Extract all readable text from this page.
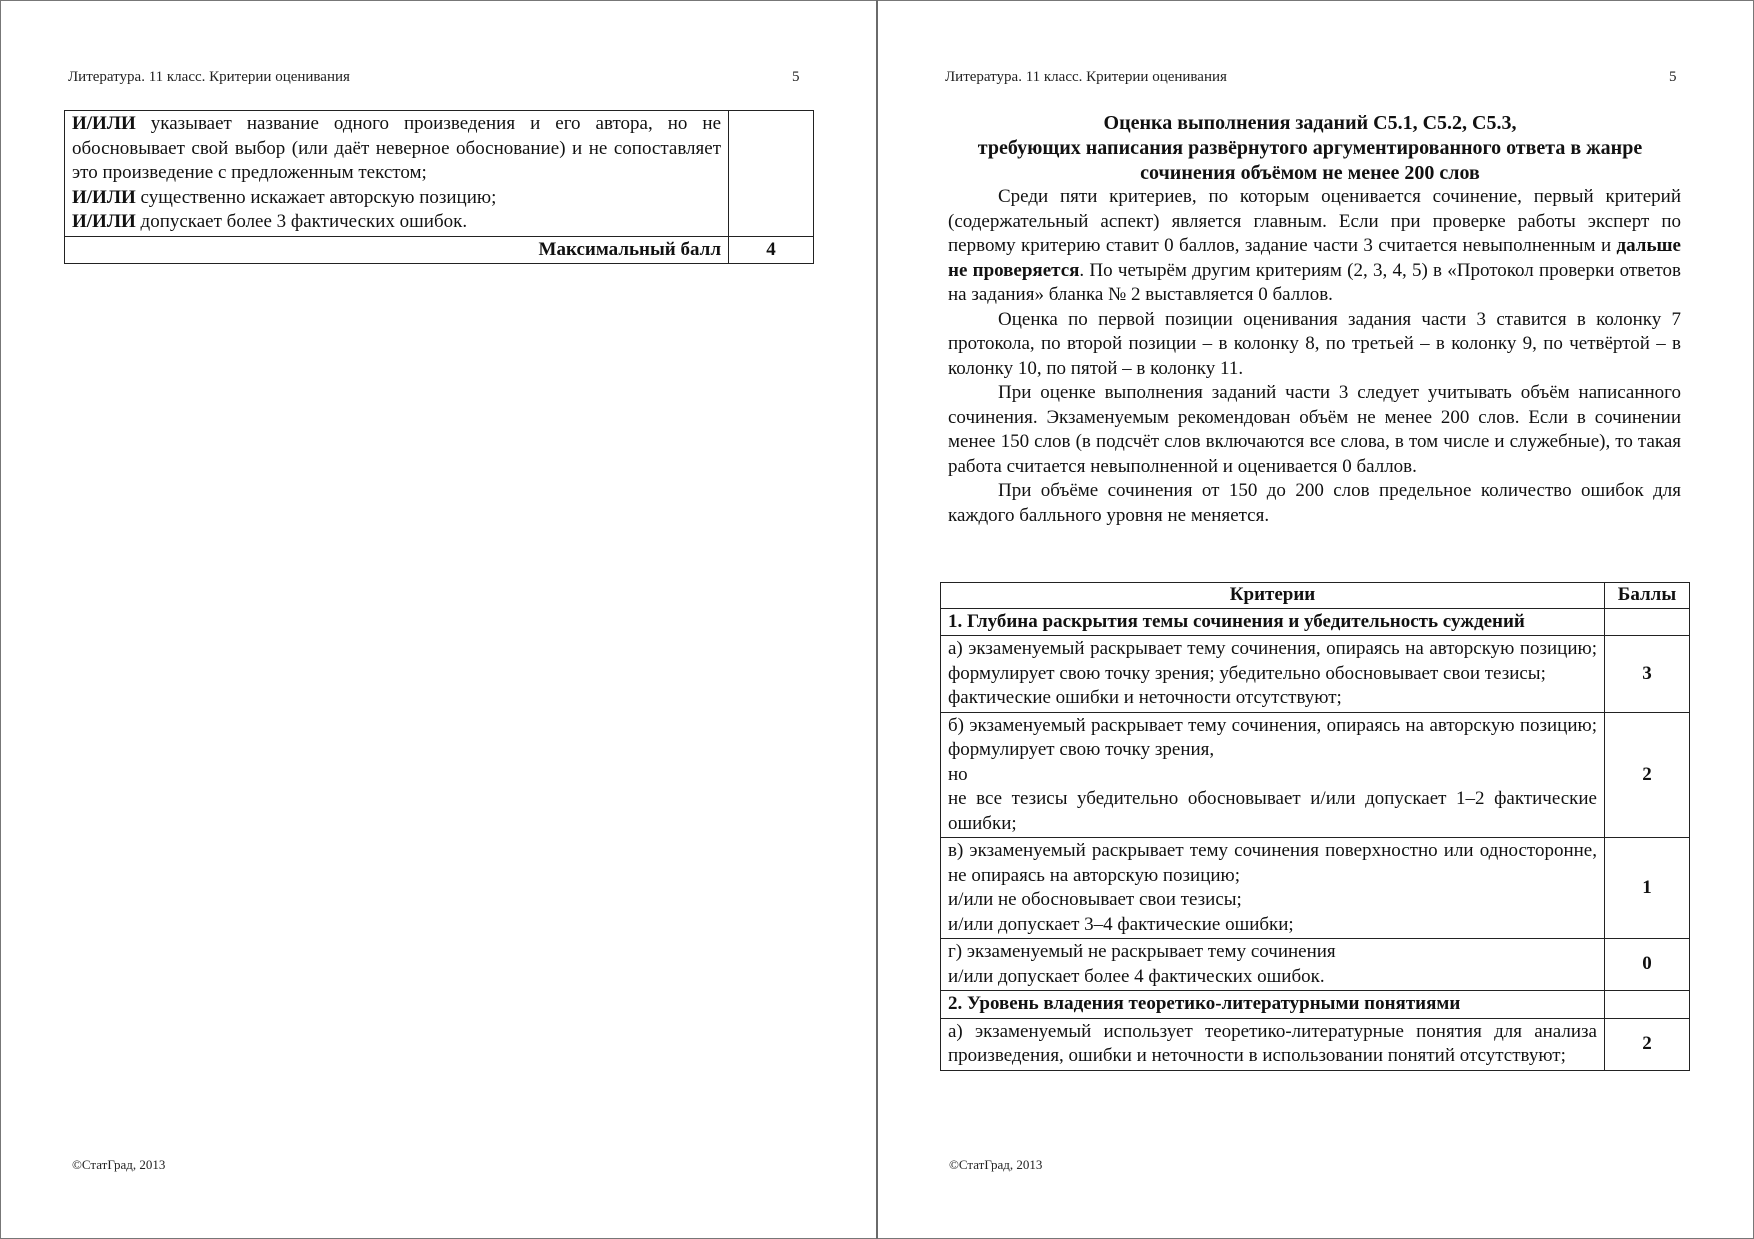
Литература. 11 класс. Критерии оценивания	5
И/ИЛИ указывает название одного произведения и его автора, но не обосновывает свой выбор (или даёт неверное обоснование) и не сопоставляет это произведение с предложенным текстом;
И/ИЛИ существенно искажает авторскую позицию;
И/ИЛИ допускает более 3 фактических ошибок.	

Максимальный балл	4
©СтатГрад, 2013
Литература. 11 класс. Критерии оценивания	5
Оценка выполнения заданий С5.1, С5.2, С5.3,
требующих написания развёрнутого аргументированного ответа в жанре сочинения объёмом не менее 200 слов

Среди пяти критериев, по которым оценивается сочинение, первый критерий (содержательный аспект) является главным. Если при проверке работы эксперт по первому критерию ставит 0 баллов, задание части 3 считается невыполненным и дальше не проверяется. По четырём другим критериям (2, 3, 4, 5) в «Протокол проверки ответов на задания» бланка № 2 выставляется 0 баллов.

Оценка по первой позиции оценивания задания части 3 ставится в колонку 7 протокола, по второй позиции – в колонку 8, по третьей – в колонку 9, по четвёртой – в колонку 10, по пятой – в колонку 11.

При оценке выполнения заданий части 3 следует учитывать объём написанного сочинения. Экзаменуемым рекомендован объём не менее 200 слов. Если в сочинении менее 150 слов (в подсчёт слов включаются все слова, в том числе и служебные), то такая работа считается невыполненной и оценивается 0 баллов.

При объёме сочинения от 150 до 200 слов предельное количество ошибок для каждого балльного уровня не меняется.

Критерии	Баллы
1. Глубина раскрытия темы сочинения и убедительность суждений	

а) экзаменуемый раскрывает тему сочинения, опираясь на авторскую позицию; формулирует свою точку зрения; убедительно обосновывает свои тезисы;
фактические ошибки и неточности отсутствуют;	3

б) экзаменуемый раскрывает тему сочинения, опираясь на авторскую позицию; формулирует свою точку зрения,
но
не все тезисы убедительно обосновывает и/или допускает 1–2 фактические ошибки;	2

в) экзаменуемый раскрывает тему сочинения поверхностно или односторонне, не опираясь на авторскую позицию;
и/или не обосновывает свои тезисы;
и/или допускает 3–4 фактические ошибки;	1

г) экзаменуемый не раскрывает тему сочинения
и/или допускает более 4 фактических ошибок.	0
2. Уровень владения теоретико-литературными понятиями	

а) экзаменуемый использует теоретико-литературные понятия для анализа произведения, ошибки и неточности в использовании понятий отсутствуют;	2
©СтатГрад, 2013
